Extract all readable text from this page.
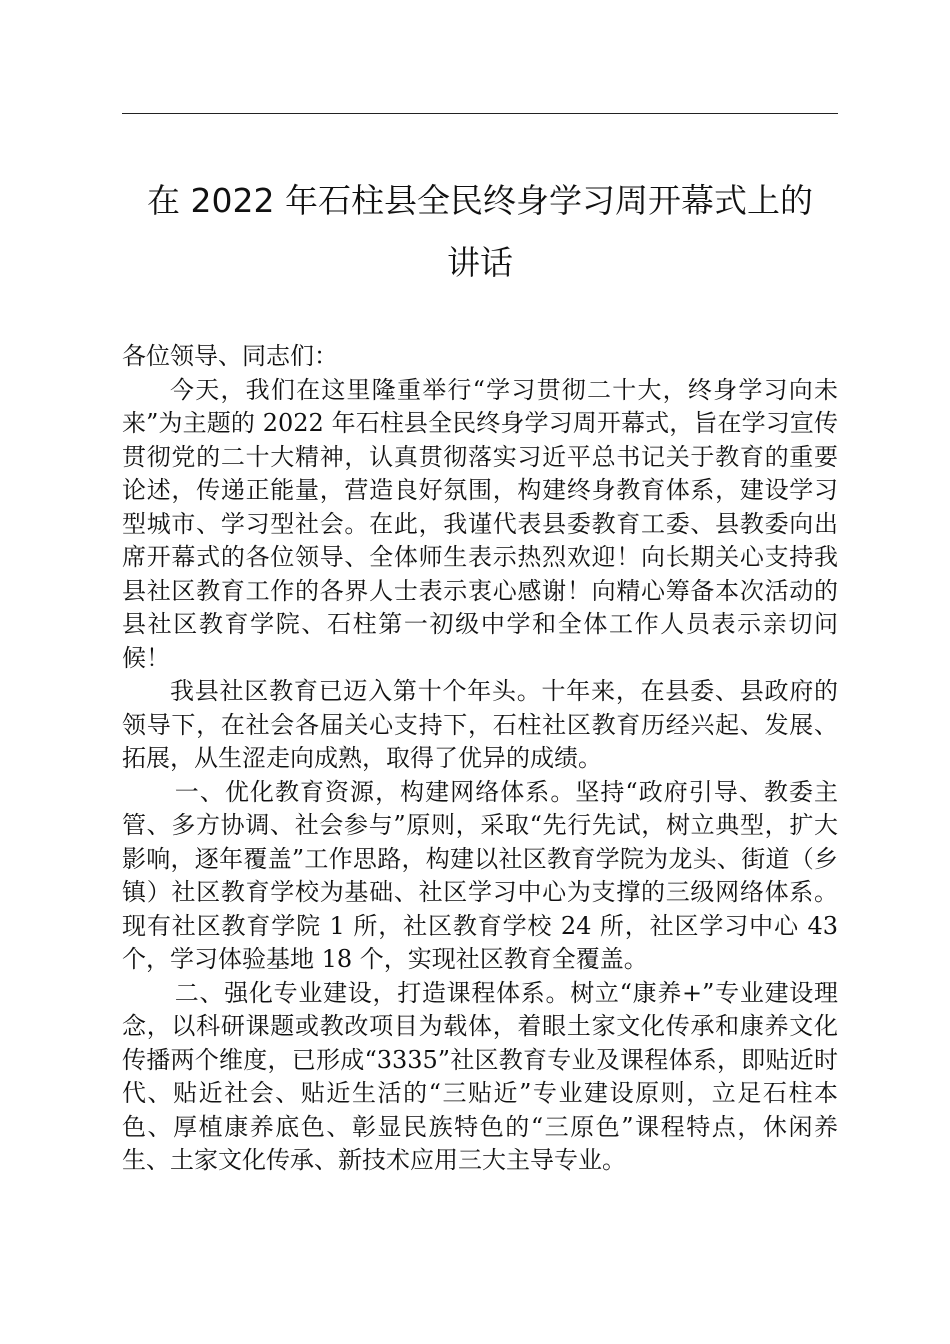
在 2022 年石柱县全民终身学习周开幕式上的
讲话

各位领导、同志们：

今天，我们在这里隆重举行“学习贯彻二十大，终身学习向未来”为主题的 2022 年石柱县全民终身学习周开幕式，旨在学习宣传贯彻党的二十大精神，认真贯彻落实习近平总书记关于教育的重要论述，传递正能量，营造良好氛围，构建终身教育体系，建设学习型城市、学习型社会。在此，我谨代表县委教育工委、县教委向出席开幕式的各位领导、全体师生表示热烈欢迎！向长期关心支持我县社区教育工作的各界人士表示衷心感谢！向精心筹备本次活动的县社区教育学院、石柱第一初级中学和全体工作人员表示亲切问候！

我县社区教育已迈入第十个年头。十年来，在县委、县政府的领导下，在社会各届关心支持下，石柱社区教育历经兴起、发展、拓展，从生涩走向成熟，取得了优异的成绩。

一、优化教育资源，构建网络体系。坚持“政府引导、教委主管、多方协调、社会参与”原则，采取“先行先试，树立典型，扩大影响，逐年覆盖”工作思路，构建以社区教育学院为龙头、街道（乡镇）社区教育学校为基础、社区学习中心为支撑的三级网络体系。现有社区教育学院 1 所，社区教育学校 24 所，社区学习中心 43 个，学习体验基地 18 个，实现社区教育全覆盖。

二、强化专业建设，打造课程体系。树立“康养+”专业建设理念，以科研课题或教改项目为载体，着眼土家文化传承和康养文化传播两个维度，已形成“3335”社区教育专业及课程体系，即贴近时代、贴近社会、贴近生活的“三贴近”专业建设原则，立足石柱本色、厚植康养底色、彰显民族特色的“三原色”课程特点，休闲养生、土家文化传承、新技术应用三大主导专业。
